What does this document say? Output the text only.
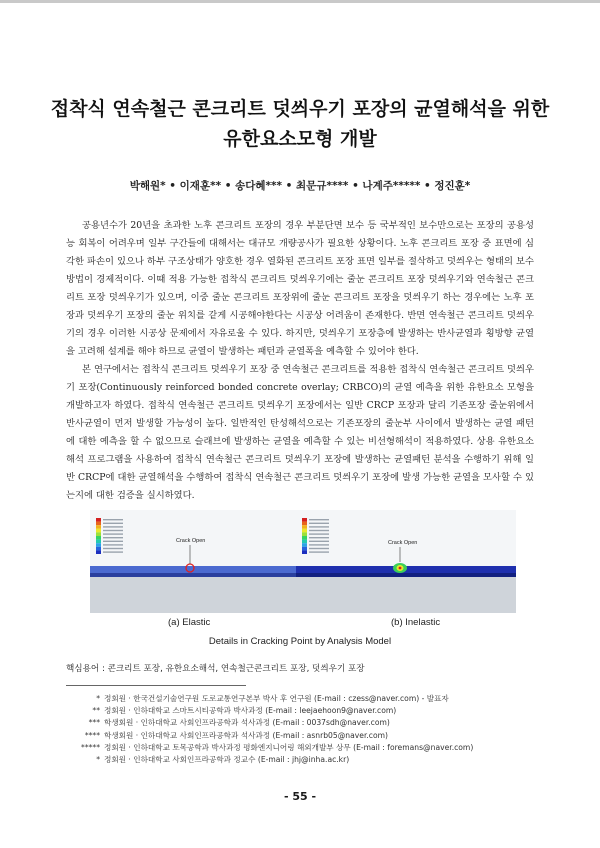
접착식 연속철근 콘크리트 덧씌우기 포장의 균열해석을 위한
유한요소모형 개발
박해원* • 이재훈** • 송다혜*** • 최문규**** • 나계주***** • 정진훈*

공용년수가 20년을 초과한 노후 콘크리트 포장의 경우 부분단면 보수 등 국부적인 보수만으로는 포장의 공용성능 회복이 어려우며 일부 구간들에 대해서는 대규모 개량공사가 필요한 상황이다. 노후 콘크리트 포장 중 표면에 심각한 파손이 있으나 하부 구조상태가 양호한 경우 열화된 콘크리트 포장 표면 일부를 절삭하고 덧씌우는 형태의 보수 방법이 경제적이다. 이때 적용 가능한 접착식 콘크리트 덧씌우기에는 줄눈 콘크리트 포장 덧씌우기와 연속철근 콘크리트 포장 덧씌우기가 있으며, 이중 줄눈 콘크리트 포장위에 줄눈 콘크리트 포장을 덧씌우기 하는 경우에는 노후 포장과 덧씌우기 포장의 줄눈 위치를 같게 시공해야한다는 시공상 어려움이 존재한다. 반면 연속철근 콘크리트 덧씌우기의 경우 이러한 시공상 문제에서 자유로울 수 있다. 하지만, 덧씌우기 포장층에 발생하는 반사균열과 횡방향 균열을 고려해 설계를 해야 하므로 균열이 발생하는 패턴과 균열폭을 예측할 수 있어야 한다.

본 연구에서는 접착식 콘크리트 덧씌우기 포장 중 연속철근 콘크리트를 적용한 접착식 연속철근 콘크리트 덧씌우기 포장(Continuously reinforced bonded concrete overlay; CRBCO)의 균열 예측을 위한 유한요소 모형을 개발하고자 하였다. 접착식 연속철근 콘크리트 덧씌우기 포장에서는 일반 CRCP 포장과 달리 기존포장 줄눈위에서 반사균열이 먼저 발생할 가능성이 높다. 일반적인 탄성해석으로는 기존포장의 줄눈부 사이에서 발생하는 균열 패턴에 대한 예측을 할 수 없으므로 슬래브에 발생하는 균열을 예측할 수 있는 비선형해석이 적용하였다. 상용 유한요소해석 프로그램을 사용하여 접착식 연속철근 콘크리트 덧씌우기 포장에 발생하는 균열패턴 분석을 수행하기 위해 일반 CRCP에 대한 균열해석을 수행하여 접착식 연속철근 콘크리트 덧씌우기 포장에 발생 가능한 균열을 모사할 수 있는지에 대한 검증을 실시하였다.

Crack Open	Crack Open
(a) Elastic	(b) Inelastic
Details in Cracking Point by Analysis Model
핵심용어 : 콘크리트 포장, 유한요소해석, 연속철근콘크리트 포장, 덧씌우기 포장
* 정회원 · 한국건설기술연구원 도로교통연구본부 박사 후 연구원 (E-mail : czess@naver.com) - 발표자
** 정회원 · 인하대학교 스마트시티공학과 박사과정 (E-mail : leejaehoon9@naver.com)
*** 학생회원 · 인하대학교 사회인프라공학과 석사과정 (E-mail : 0037sdh@naver.com)
**** 학생회원 · 인하대학교 사회인프라공학과 석사과정 (E-mail : asnrb05@naver.com)
***** 정회원 · 인하대학교 토목공학과 박사과정 평화엔지니어링 해외개발부 상무 (E-mail : foremans@naver.com)
* 정회원 · 인하대학교 사회인프라공학과 정교수 (E-mail : jhj@inha.ac.kr)
- 55 -
